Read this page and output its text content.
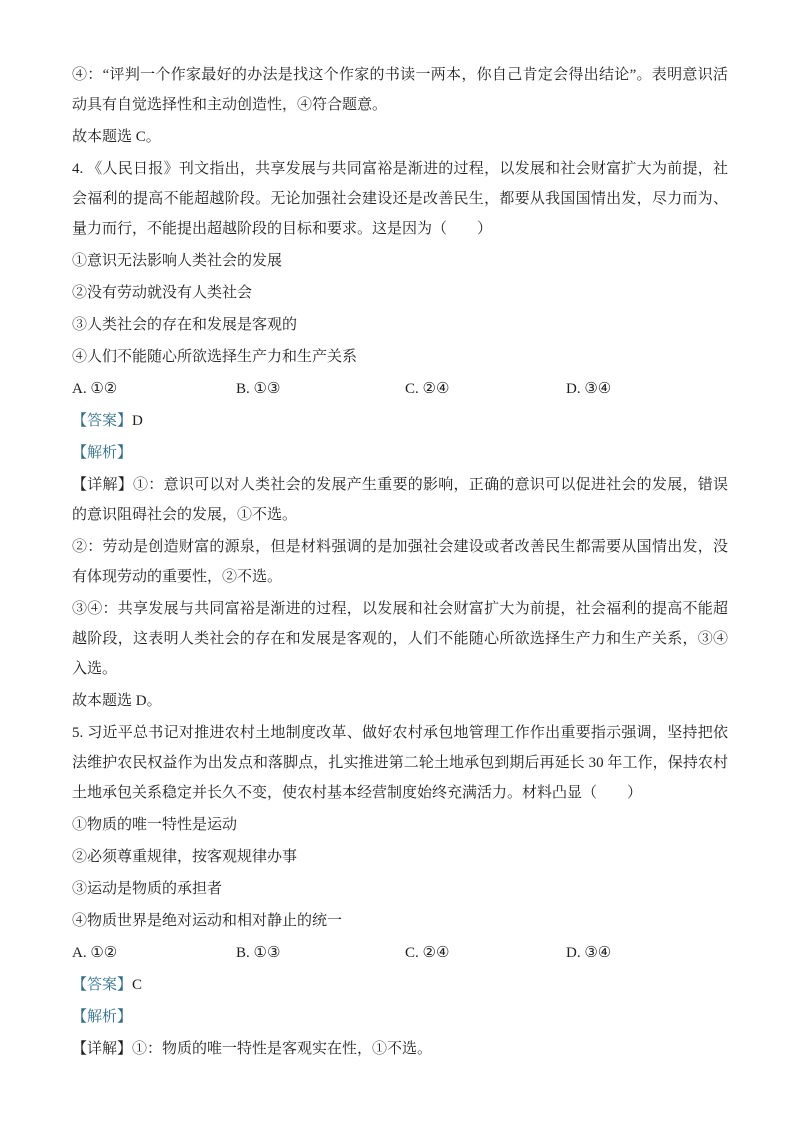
④：“评判一个作家最好的办法是找这个作家的书读一两本，你自己肯定会得出结论”。表明意识活动具有自觉选择性和主动创造性，④符合题意。

故本题选 C。

4. 《人民日报》刊文指出，共享发展与共同富裕是渐进的过程，以发展和社会财富扩大为前提，社会福利的提高不能超越阶段。无论加强社会建设还是改善民生，都要从我国国情出发，尽力而为、量力而行，不能提出超越阶段的目标和要求。这是因为（　　）

①意识无法影响人类社会的发展

②没有劳动就没有人类社会

③人类社会的存在和发展是客观的

④人们不能随心所欲选择生产力和生产关系

A. ①②	B. ①③	C. ②④	D. ③④

【答案】D

【解析】

【详解】①：意识可以对人类社会的发展产生重要的影响，正确的意识可以促进社会的发展，错误的意识阻碍社会的发展，①不选。

②：劳动是创造财富的源泉，但是材料强调的是加强社会建设或者改善民生都需要从国情出发，没有体现劳动的重要性，②不选。

③④：共享发展与共同富裕是渐进的过程，以发展和社会财富扩大为前提，社会福利的提高不能超越阶段，这表明人类社会的存在和发展是客观的，人们不能随心所欲选择生产力和生产关系，③④入选。

故本题选 D。

5. 习近平总书记对推进农村土地制度改革、做好农村承包地管理工作作出重要指示强调，坚持把依法维护农民权益作为出发点和落脚点，扎实推进第二轮土地承包到期后再延长 30 年工作，保持农村土地承包关系稳定并长久不变，使农村基本经营制度始终充满活力。材料凸显（　　）

①物质的唯一特性是运动

②必须尊重规律，按客观规律办事

③运动是物质的承担者

④物质世界是绝对运动和相对静止的统一

A. ①②	B. ①③	C. ②④	D. ③④

【答案】C

【解析】

【详解】①：物质的唯一特性是客观实在性，①不选。
